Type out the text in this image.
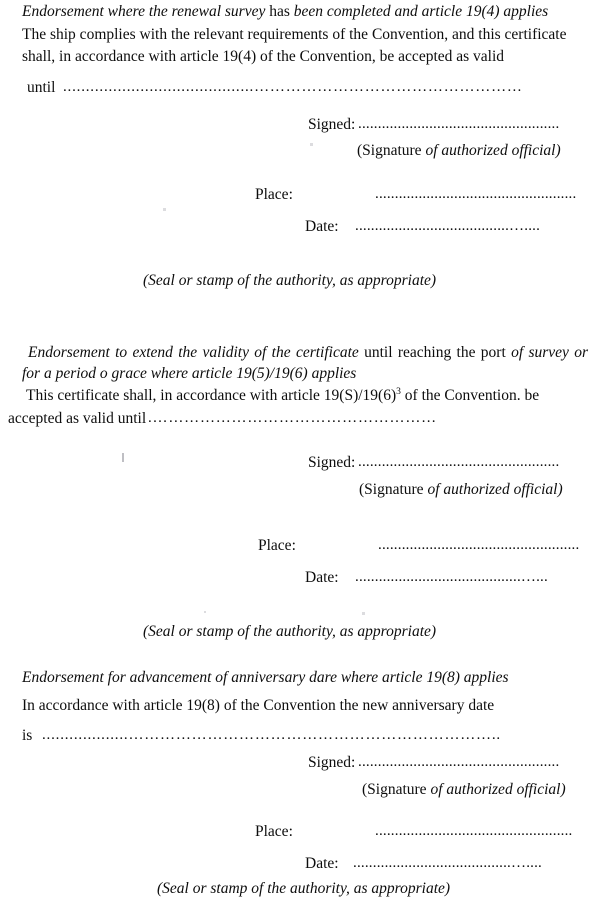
Endorsement where the renewal survey has been completed and article 19(4) applies
The ship complies with the relevant requirements of the Convention, and this certificate
shall, in accordance with article 19(4) of the Convention, be accepted as valid
until ..........................................……………………………………………
Signed: ...................................................
(Signature of authorized official)
Place:	...................................................
Date: .......................................…....
(Seal or stamp of the authority, as appropriate)
Endorsement to extend the validity of the certificate until reaching the port of survey or
for a period o grace where article 19(5)/19(6) applies
This certificate shall, in accordance with article $19(S)/19(6)^3$ of the Convention. be
accepted as valid until .………………………………………………
Signed: ...................................................
(Signature of authorized official)
Place:	...................................................
Date: ..........................................…...
(Seal or stamp of the authority, as appropriate)
Endorsement for advancement of anniversary dare where article 19(8) applies
In accordance with article 19(8) of the Convention the new anniversary date
is ...................……………………………………………………………..
Signed: ...................................................
(Signature of authorized official)
Place:	..................................................
Date: ........................................…....
(Seal or stamp of the authority, as appropriate)
